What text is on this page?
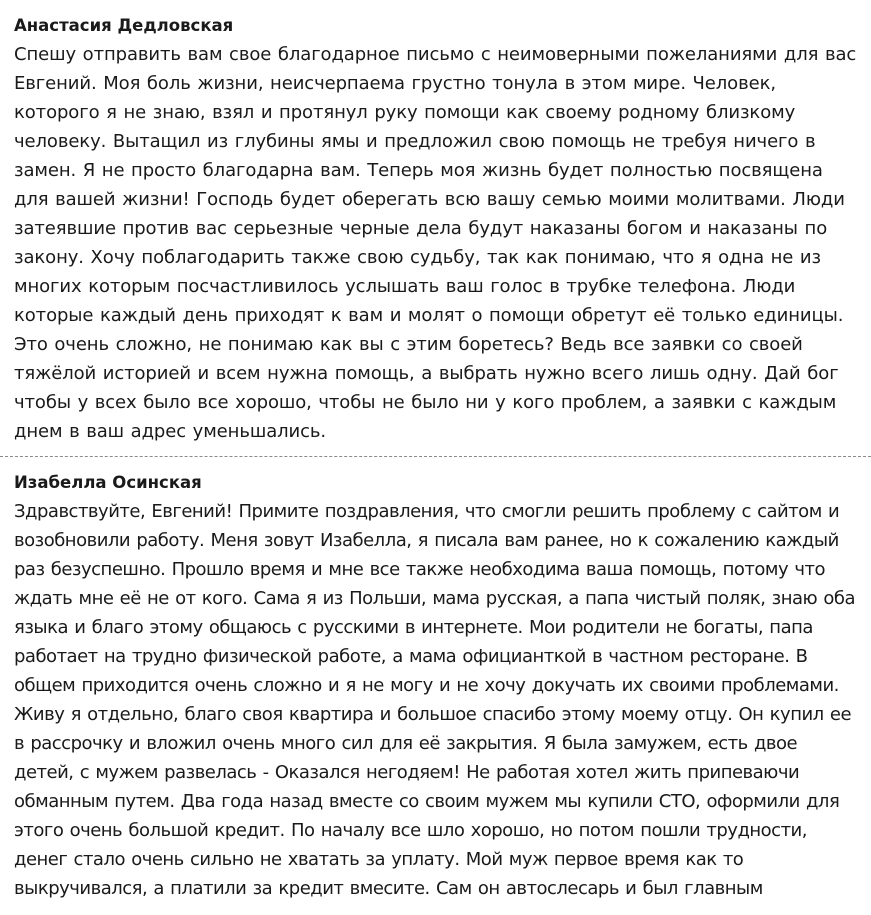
Анастасия Дедловская
Спешу отправить вам свое благодарное письмо с неимоверными пожеланиями для вас Евгений. Моя боль жизни, неисчерпаема грустно тонула в этом мире. Человек, которого я не знаю, взял и протянул руку помощи как своему родному близкому человеку. Вытащил из глубины ямы и предложил свою помощь не требуя ничего в замен. Я не просто благодарна вам. Теперь моя жизнь будет полностью посвящена для вашей жизни! Господь будет оберегать всю вашу семью моими молитвами. Люди затеявшие против вас серьезные черные дела будут наказаны богом и наказаны по закону. Хочу поблагодарить также свою судьбу, так как понимаю, что я одна не из многих которым посчастливилось услышать ваш голос в трубке телефона. Люди которые каждый день приходят к вам и молят о помощи обретут её только единицы. Это очень сложно, не понимаю как вы с этим боретесь? Ведь все заявки со своей тяжёлой историей и всем нужна помощь, а выбрать нужно всего лишь одну. Дай бог чтобы у всех было все хорошо, чтобы не было ни у кого проблем, а заявки с каждым днем в ваш адрес уменьшались.
Изабелла Осинская
Здравствуйте, Евгений! Примите поздравления, что смогли решить проблему с сайтом и возобновили работу. Меня зовут Изабелла, я писала вам ранее, но к сожалению каждый раз безуспешно. Прошло время и мне все также необходима ваша помощь, потому что ждать мне её не от кого. Сама я из Польши, мама русская, а папа чистый поляк, знаю оба языка и благо этому общаюсь с русскими в интернете. Мои родители не богаты, папа работает на трудно физической работе, а мама официанткой в частном ресторане. В общем приходится очень сложно и я не могу и не хочу докучать их своими проблемами. Живу я отдельно, благо своя квартира и большое спасибо этому моему отцу. Он купил ее в рассрочку и вложил очень много сил для её закрытия. Я была замужем, есть двое детей, с мужем развелась - Оказался негодяем! Не работая хотел жить припеваючи обманным путем. Два года назад вместе со своим мужем мы купили СТО, оформили для этого очень большой кредит. По началу все шло хорошо, но потом пошли трудности, денег стало очень сильно не хватать за уплату. Мой муж первое время как то выкручивался, а платили за кредит вмесите. Сам он автослесарь и был главным
